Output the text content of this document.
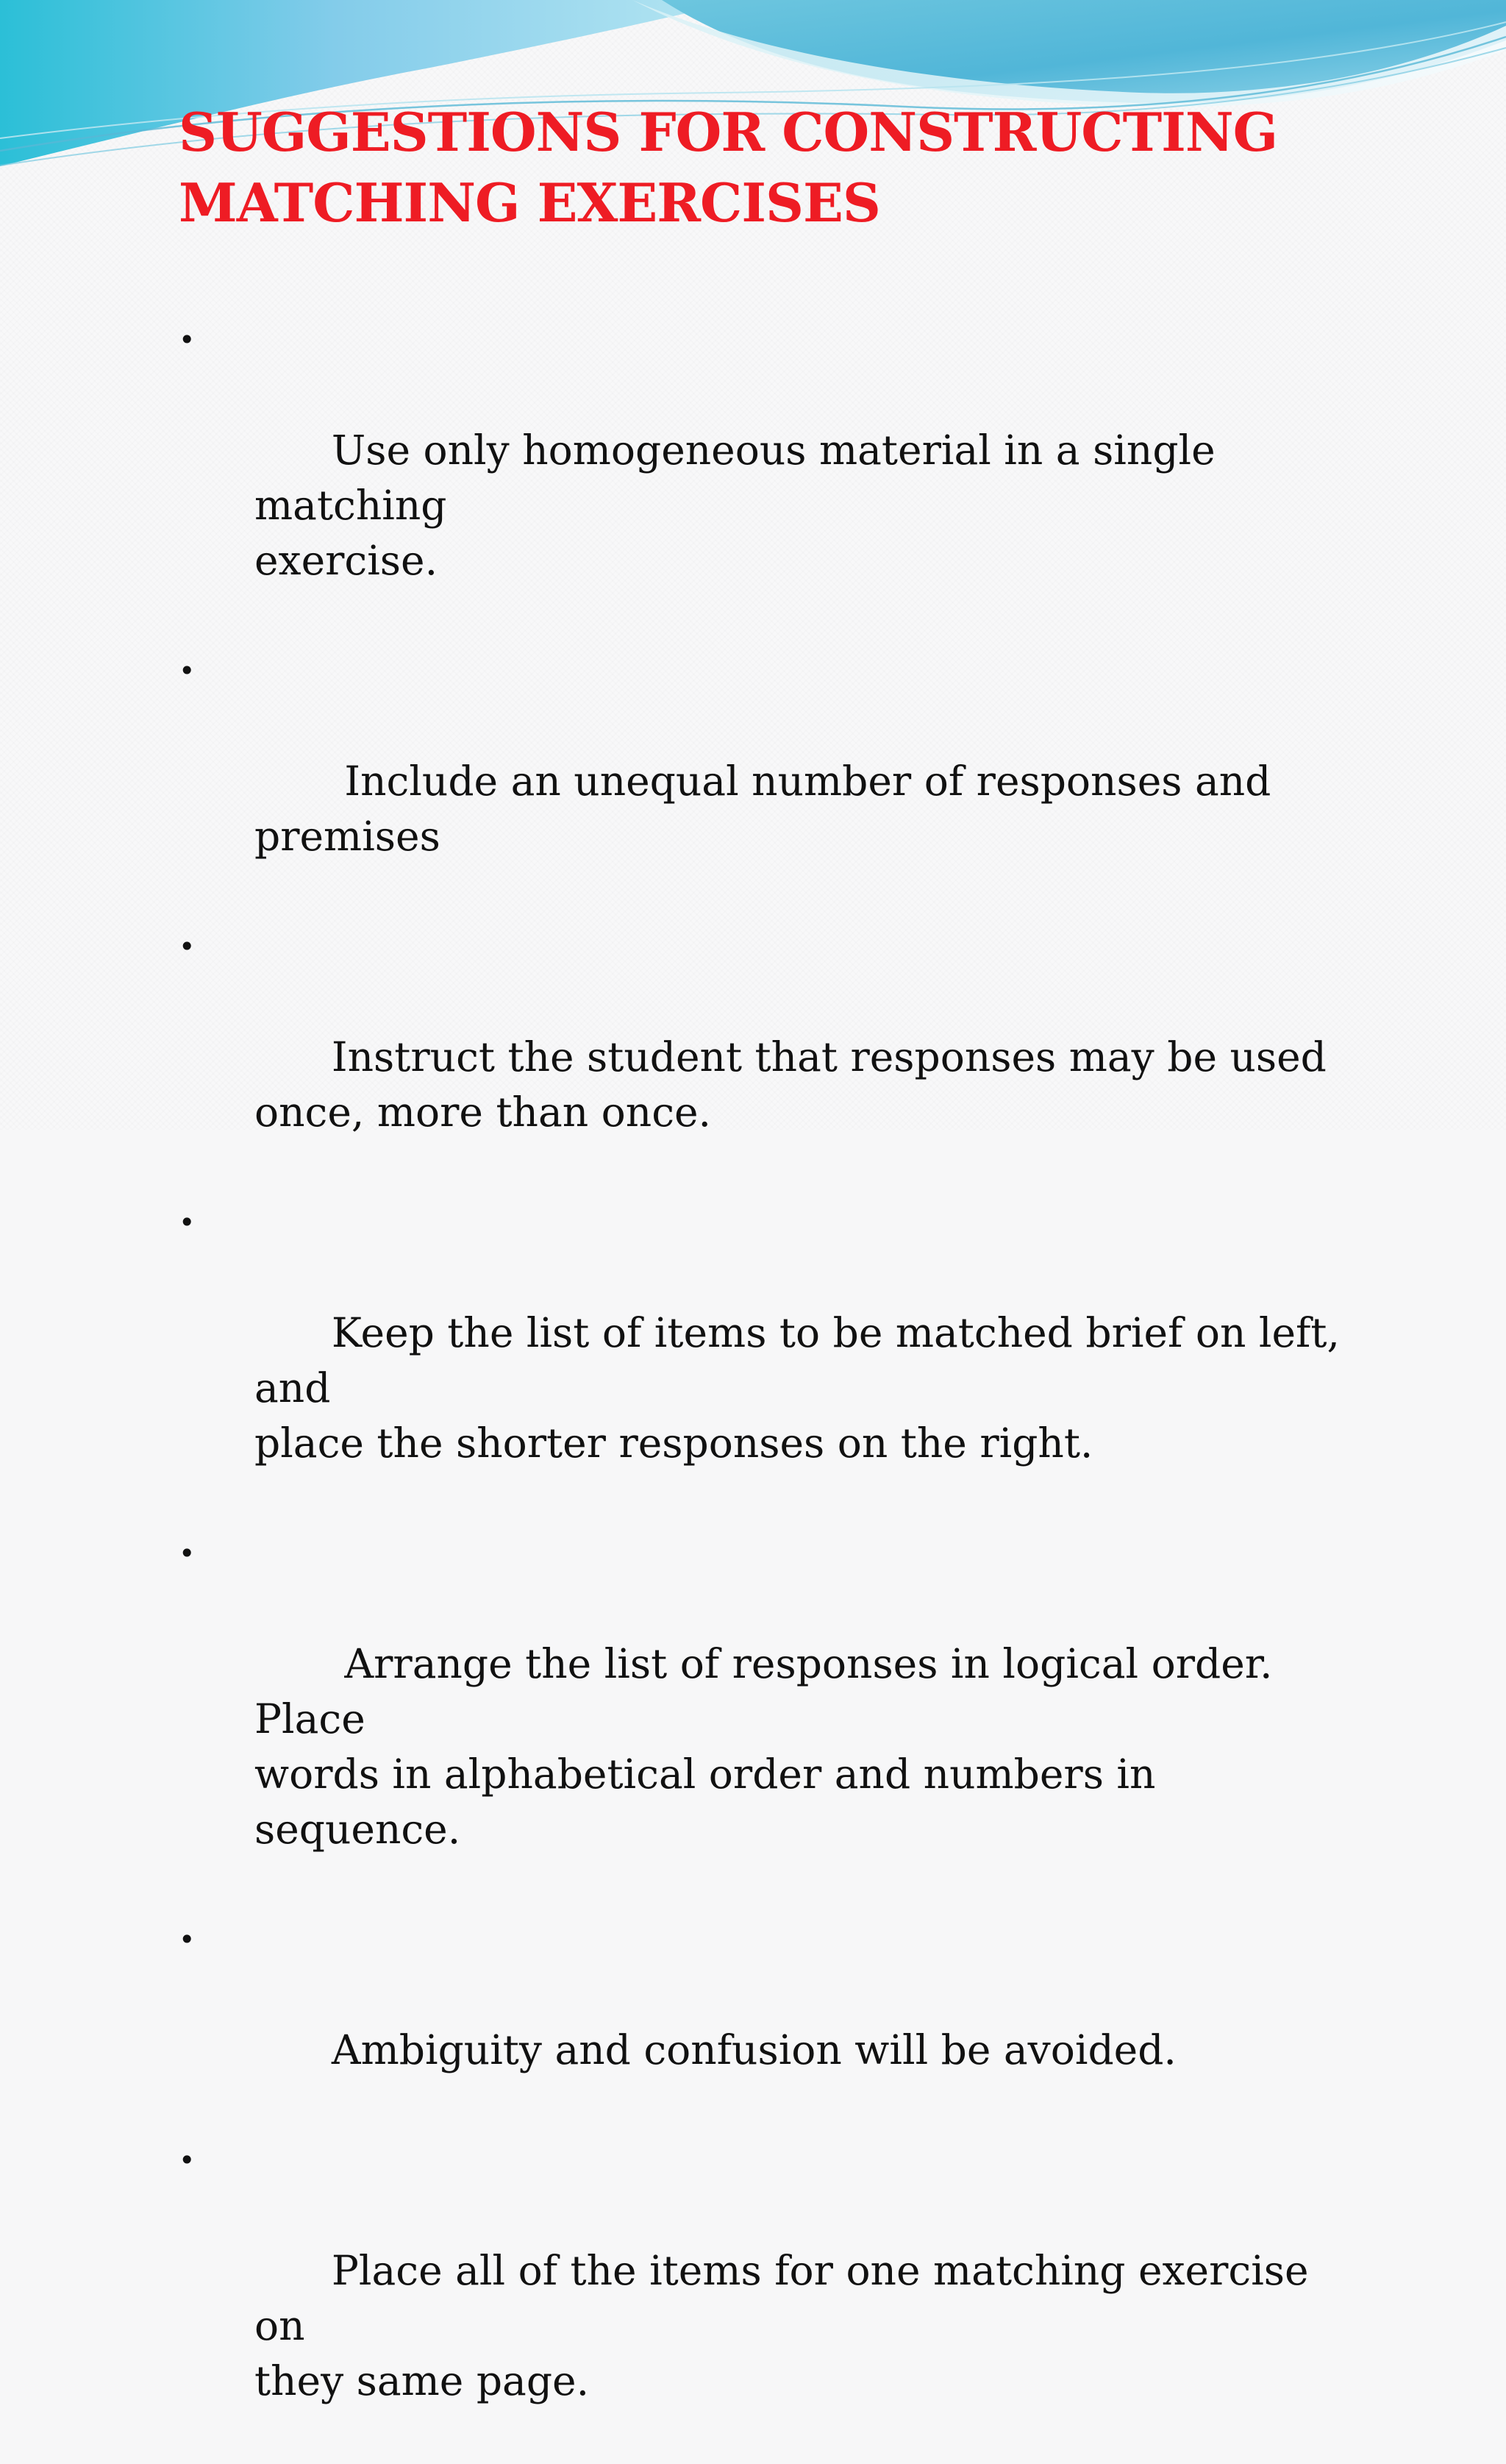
SUGGESTIONS FOR CONSTRUCTING
MATCHING EXERCISES

•

Use only homogeneous material in a single matching
exercise.

•

Include an unequal number of responses and
premises

•

Instruct the student that responses may be used
once, more than once.

•

Keep the list of items to be matched brief on left, and
place the shorter responses on the right.

•

Arrange the list of responses in logical order. Place
words in alphabetical order and numbers in
sequence.

•

Ambiguity and confusion will be avoided.

•

Place all of the items for one matching exercise on
they same page.
